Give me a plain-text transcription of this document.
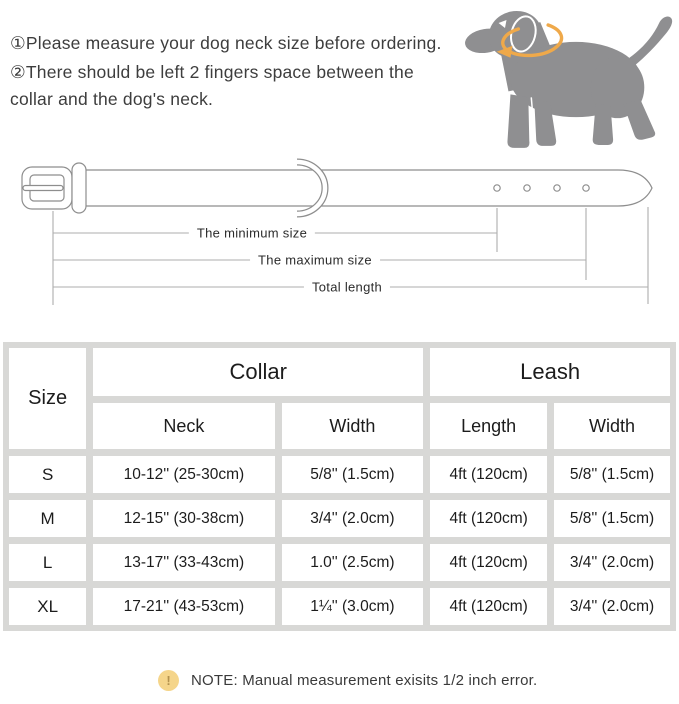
①Please measure your dog neck size before ordering.

②There should be left 2 fingers space between the collar and the dog's neck.

The minimum size
The maximum size
Total length
Size
Collar	Leash
Neck	Width	Length	Width
S	10-12'' (25-30cm)	5/8'' (1.5cm)	4ft (120cm)	5/8'' (1.5cm)
M	12-15'' (30-38cm)	3/4'' (2.0cm)	4ft (120cm)	5/8'' (1.5cm)
L	13-17'' (33-43cm)	1.0'' (2.5cm)	4ft (120cm)	3/4'' (2.0cm)
XL	17-21'' (43-53cm)	1¼'' (3.0cm)	4ft (120cm)	3/4'' (2.0cm)
!	NOTE: Manual measurement exisits 1/2 inch error.
